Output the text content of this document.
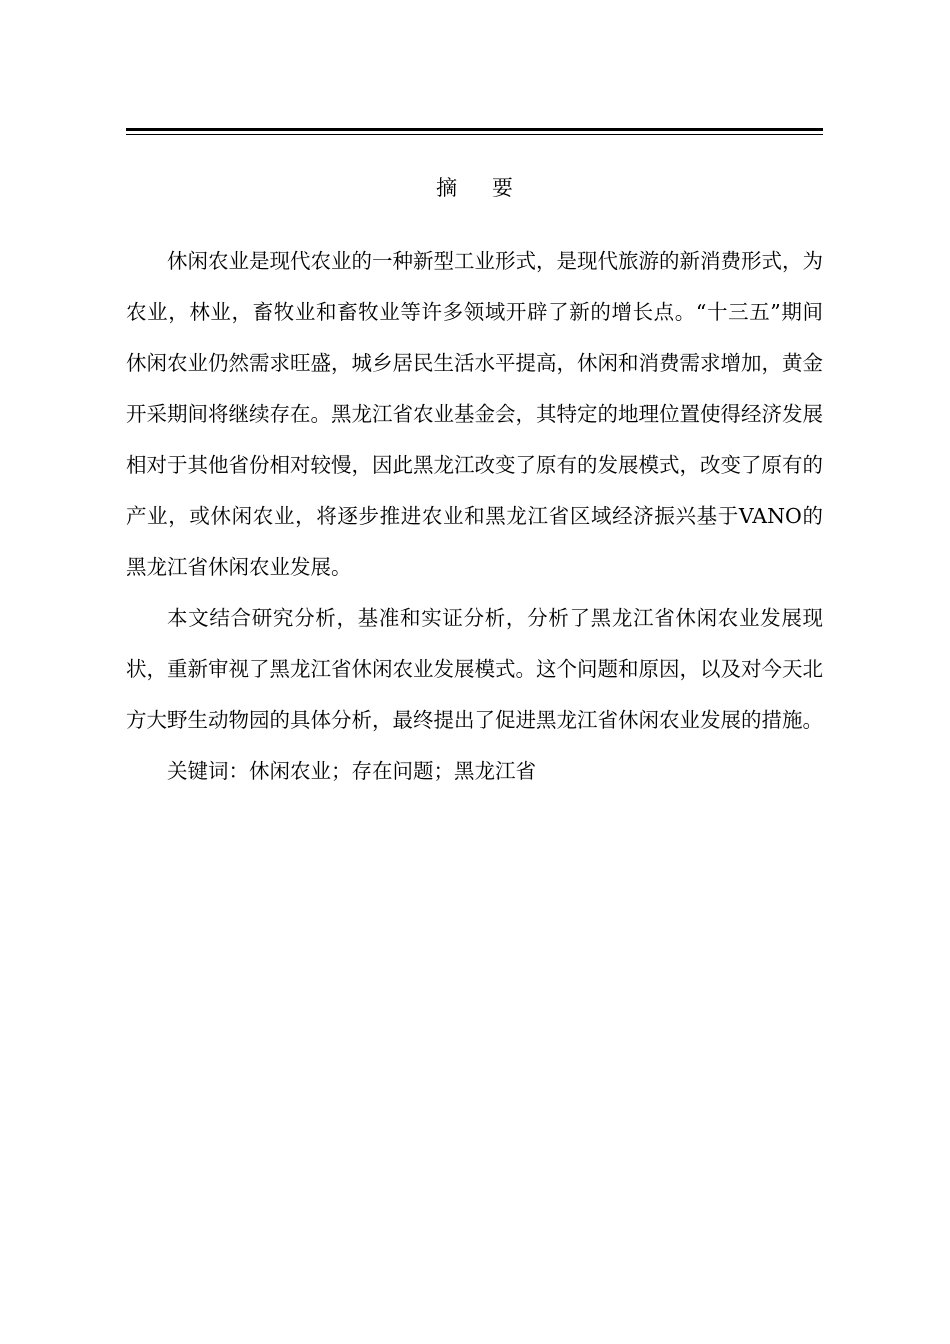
摘 要

休闲农业是现代农业的一种新型工业形式，是现代旅游的新消费形式，为农业，林业，畜牧业和畜牧业等许多领域开辟了新的增长点。“十三五”期间休闲农业仍然需求旺盛，城乡居民生活水平提高，休闲和消费需求增加，黄金开采期间将继续存在。黑龙江省农业基金会，其特定的地理位置使得经济发展相对于其他省份相对较慢，因此黑龙江改变了原有的发展模式，改变了原有的产业，或休闲农业，将逐步推进农业和黑龙江省区域经济振兴基于VANO的黑龙江省休闲农业发展。

本文结合研究分析，基准和实证分析，分析了黑龙江省休闲农业发展现状，重新审视了黑龙江省休闲农业发展模式。这个问题和原因，以及对今天北方大野生动物园的具体分析，最终提出了促进黑龙江省休闲农业发展的措施。

关键词：休闲农业；存在问题；黑龙江省
